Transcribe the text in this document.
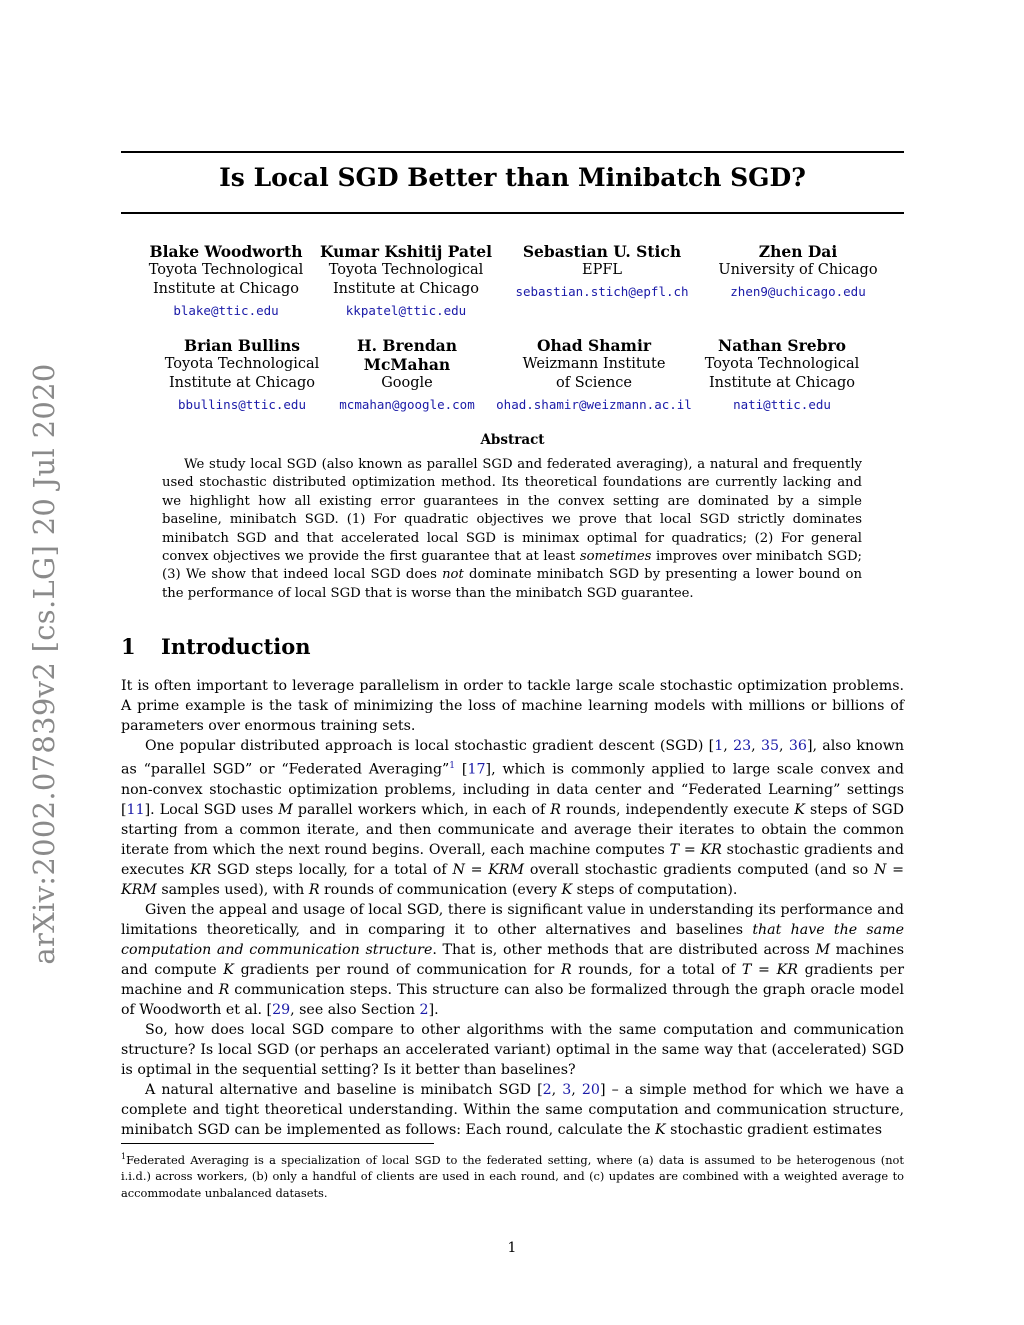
arXiv:2002.07839v2 [cs.LG] 20 Jul 2020
Is Local SGD Better than Minibatch SGD?
Blake Woodworth
Toyota Technological
Institute at Chicago
blake@ttic.edu
Kumar Kshitij Patel
Toyota Technological
Institute at Chicago
kkpatel@ttic.edu
Sebastian U. Stich
EPFL
sebastian.stich@epfl.ch
Zhen Dai
University of Chicago
zhen9@uchicago.edu
Brian Bullins
Toyota Technological
Institute at Chicago
bbullins@ttic.edu
H. Brendan
McMahan
Google
mcmahan@google.com
Ohad Shamir
Weizmann Institute
of Science
ohad.shamir@weizmann.ac.il
Nathan Srebro
Toyota Technological
Institute at Chicago
nati@ttic.edu
Abstract
We study local SGD (also known as parallel SGD and federated averaging), a natural and frequently used stochastic distributed optimization method. Its theoretical foundations are currently lacking and we highlight how all existing error guarantees in the convex setting are dominated by a simple baseline, minibatch SGD. (1) For quadratic objectives we prove that local SGD strictly dominates minibatch SGD and that accelerated local SGD is minimax optimal for quadratics; (2) For general convex objectives we provide the first guarantee that at least sometimes improves over minibatch SGD; (3) We show that indeed local SGD does not dominate minibatch SGD by presenting a lower bound on the performance of local SGD that is worse than the minibatch SGD guarantee.
1 Introduction

It is often important to leverage parallelism in order to tackle large scale stochastic optimization problems. A prime example is the task of minimizing the loss of machine learning models with millions or billions of parameters over enormous training sets.

One popular distributed approach is local stochastic gradient descent (SGD) [1, 23, 35, 36], also known as “parallel SGD” or “Federated Averaging”$^1$ [17], which is commonly applied to large scale convex and non-convex stochastic optimization problems, including in data center and “Federated Learning” settings [11]. Local SGD uses M parallel workers which, in each of R rounds, independently execute K steps of SGD starting from a common iterate, and then communicate and average their iterates to obtain the common iterate from which the next round begins. Overall, each machine computes T = KR stochastic gradients and executes KR SGD steps locally, for a total of N = KRM overall stochastic gradients computed (and so N = KRM samples used), with R rounds of communication (every K steps of computation).

Given the appeal and usage of local SGD, there is significant value in understanding its performance and limitations theoretically, and in comparing it to other alternatives and baselines that have the same computation and communication structure. That is, other methods that are distributed across M machines and compute K gradients per round of communication for R rounds, for a total of T = KR gradients per machine and R communication steps. This structure can also be formalized through the graph oracle model of Woodworth et al. [29, see also Section 2].

So, how does local SGD compare to other algorithms with the same computation and communication structure? Is local SGD (or perhaps an accelerated variant) optimal in the same way that (accelerated) SGD is optimal in the sequential setting? Is it better than baselines?

A natural alternative and baseline is minibatch SGD [2, 3, 20] – a simple method for which we have a complete and tight theoretical understanding. Within the same computation and communication structure, minibatch SGD can be implemented as follows: Each round, calculate the K stochastic gradient estimates

$^1$Federated Averaging is a specialization of local SGD to the federated setting, where (a) data is assumed to be heterogenous (not i.i.d.) across workers, (b) only a handful of clients are used in each round, and (c) updates are combined with a weighted average to accommodate unbalanced datasets.
1
